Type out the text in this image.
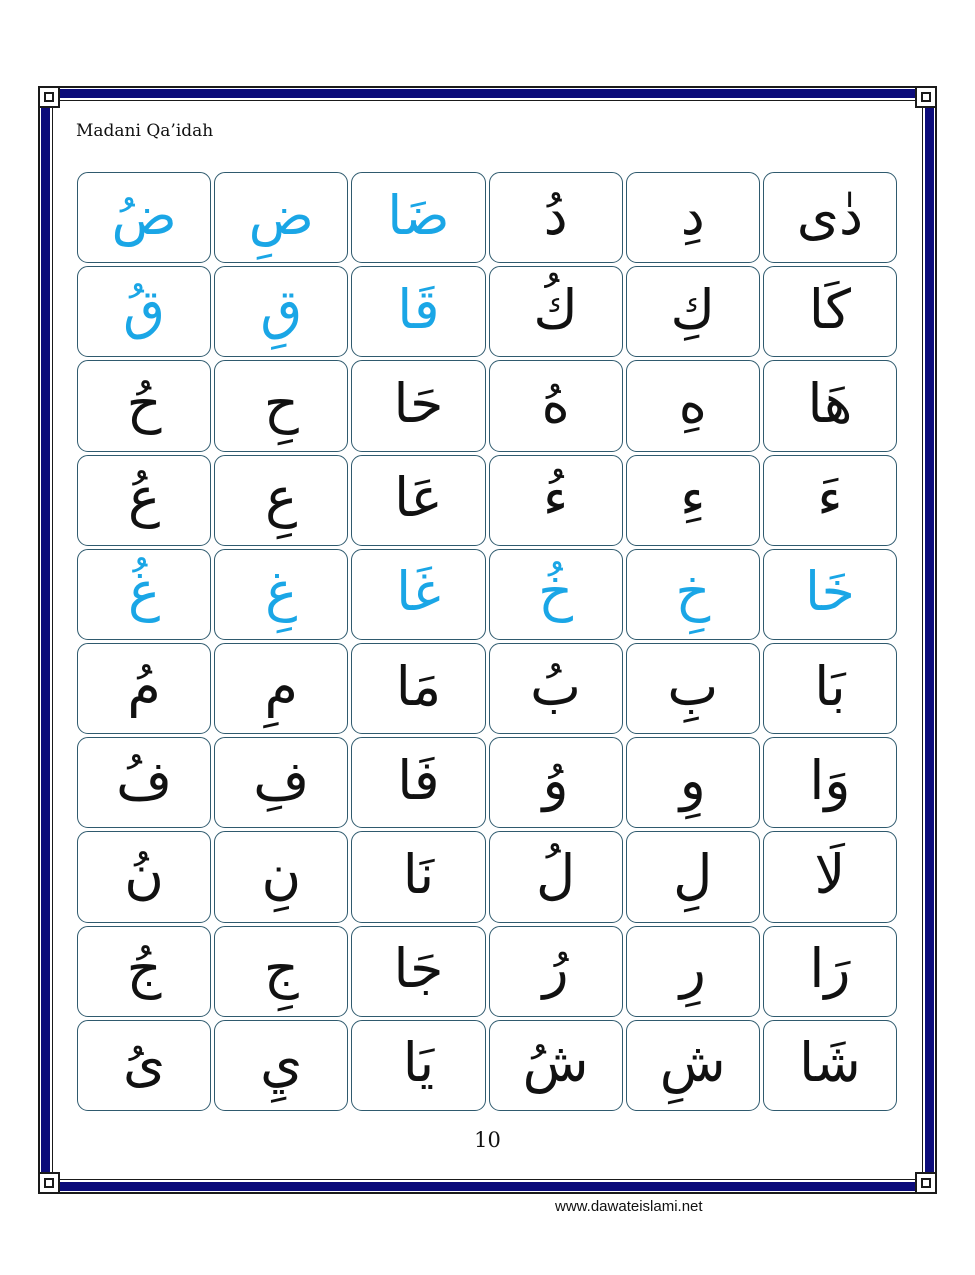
Madani Qa’idah
دٰى
دِ
دُ
ضَا
ضِ
ضُ
كَا
كِ
كُ
قَا
قِ
قُ
هَا
هِ
هُ
حَا
حِ
حُ
ءَ
ءِ
ءُ
عَا
عِ
عُ
خَا
خِ
خُ
غَا
غِ
غُ
بَا
بِ
بُ
مَا
مِ
مُ
وَا
وِ
وُ
فَا
فِ
فُ
لَا
لِ
لُ
نَا
نِ
نُ
رَا
رِ
رُ
جَا
جِ
جُ
شَا
شِ
شُ
يَا
يِ
ىُ
10
www.dawateislami.net
